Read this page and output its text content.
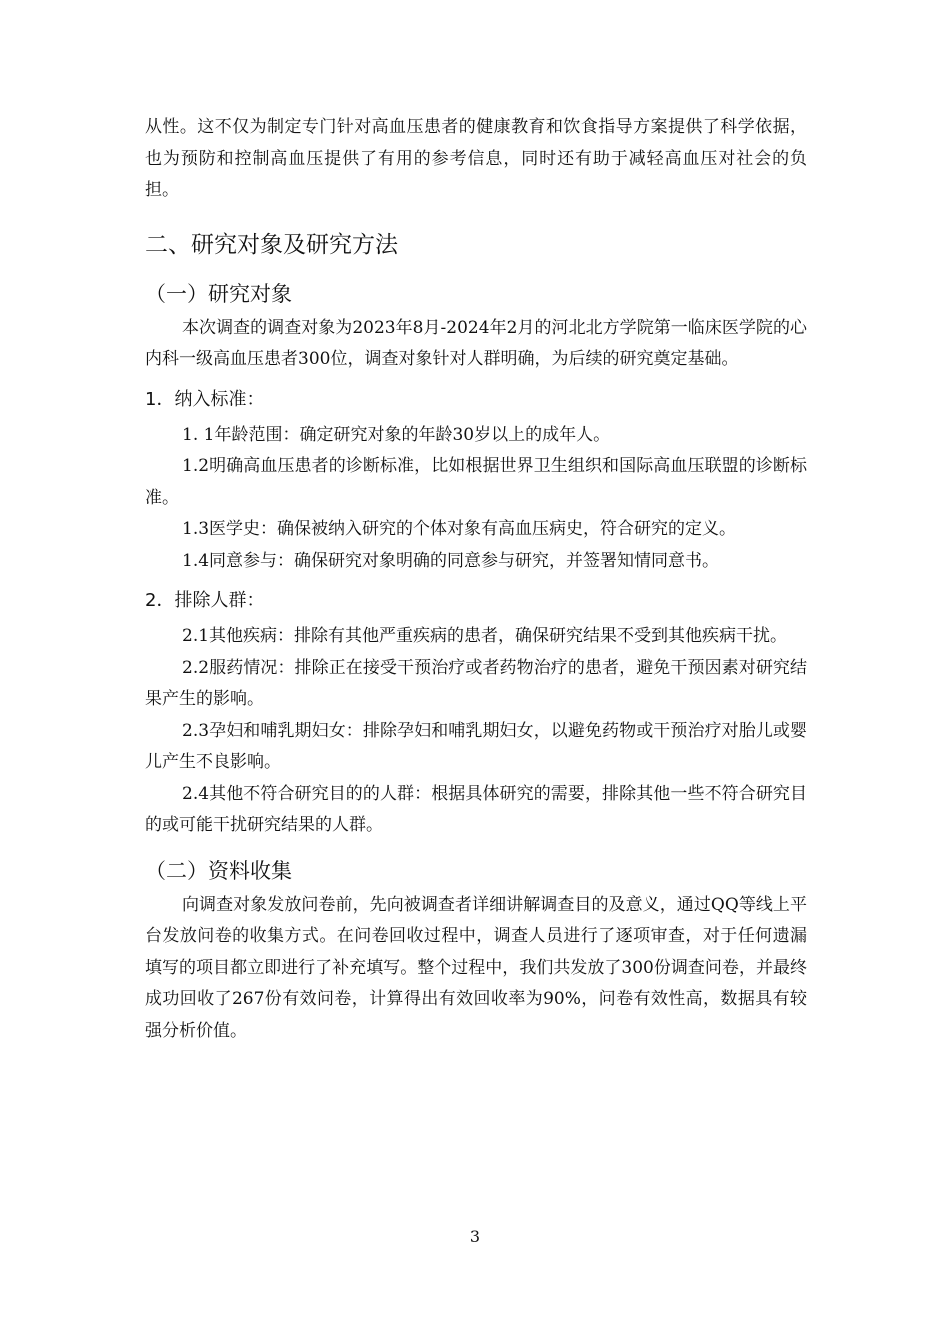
从性。这不仅为制定专门针对高血压患者的健康教育和饮食指导方案提供了科学依据，也为预防和控制高血压提供了有用的参考信息，同时还有助于减轻高血压对社会的负担。

二、研究对象及研究方法
（一）研究对象

本次调查的调查对象为2023年8月-2024年2月的河北北方学院第一临床医学院的心内科一级高血压患者300位，调查对象针对人群明确，为后续的研究奠定基础。

1．纳入标准：

1. 1年龄范围：确定研究对象的年龄30岁以上的成年人。

1.2明确高血压患者的诊断标准，比如根据世界卫生组织和国际高血压联盟的诊断标准。

1.3医学史：确保被纳入研究的个体对象有高血压病史，符合研究的定义。

1.4同意参与：确保研究对象明确的同意参与研究，并签署知情同意书。

2．排除人群：

2.1其他疾病：排除有其他严重疾病的患者，确保研究结果不受到其他疾病干扰。

2.2服药情况：排除正在接受干预治疗或者药物治疗的患者，避免干预因素对研究结果产生的影响。

2.3孕妇和哺乳期妇女：排除孕妇和哺乳期妇女，以避免药物或干预治疗对胎儿或婴儿产生不良影响。

2.4其他不符合研究目的的人群：根据具体研究的需要，排除其他一些不符合研究目的或可能干扰研究结果的人群。

（二）资料收集

向调查对象发放问卷前，先向被调查者详细讲解调查目的及意义，通过QQ等线上平台发放问卷的收集方式。在问卷回收过程中，调查人员进行了逐项审查，对于任何遗漏填写的项目都立即进行了补充填写。整个过程中，我们共发放了300份调查问卷，并最终成功回收了267份有效问卷，计算得出有效回收率为90%，问卷有效性高，数据具有较强分析价值。

3
